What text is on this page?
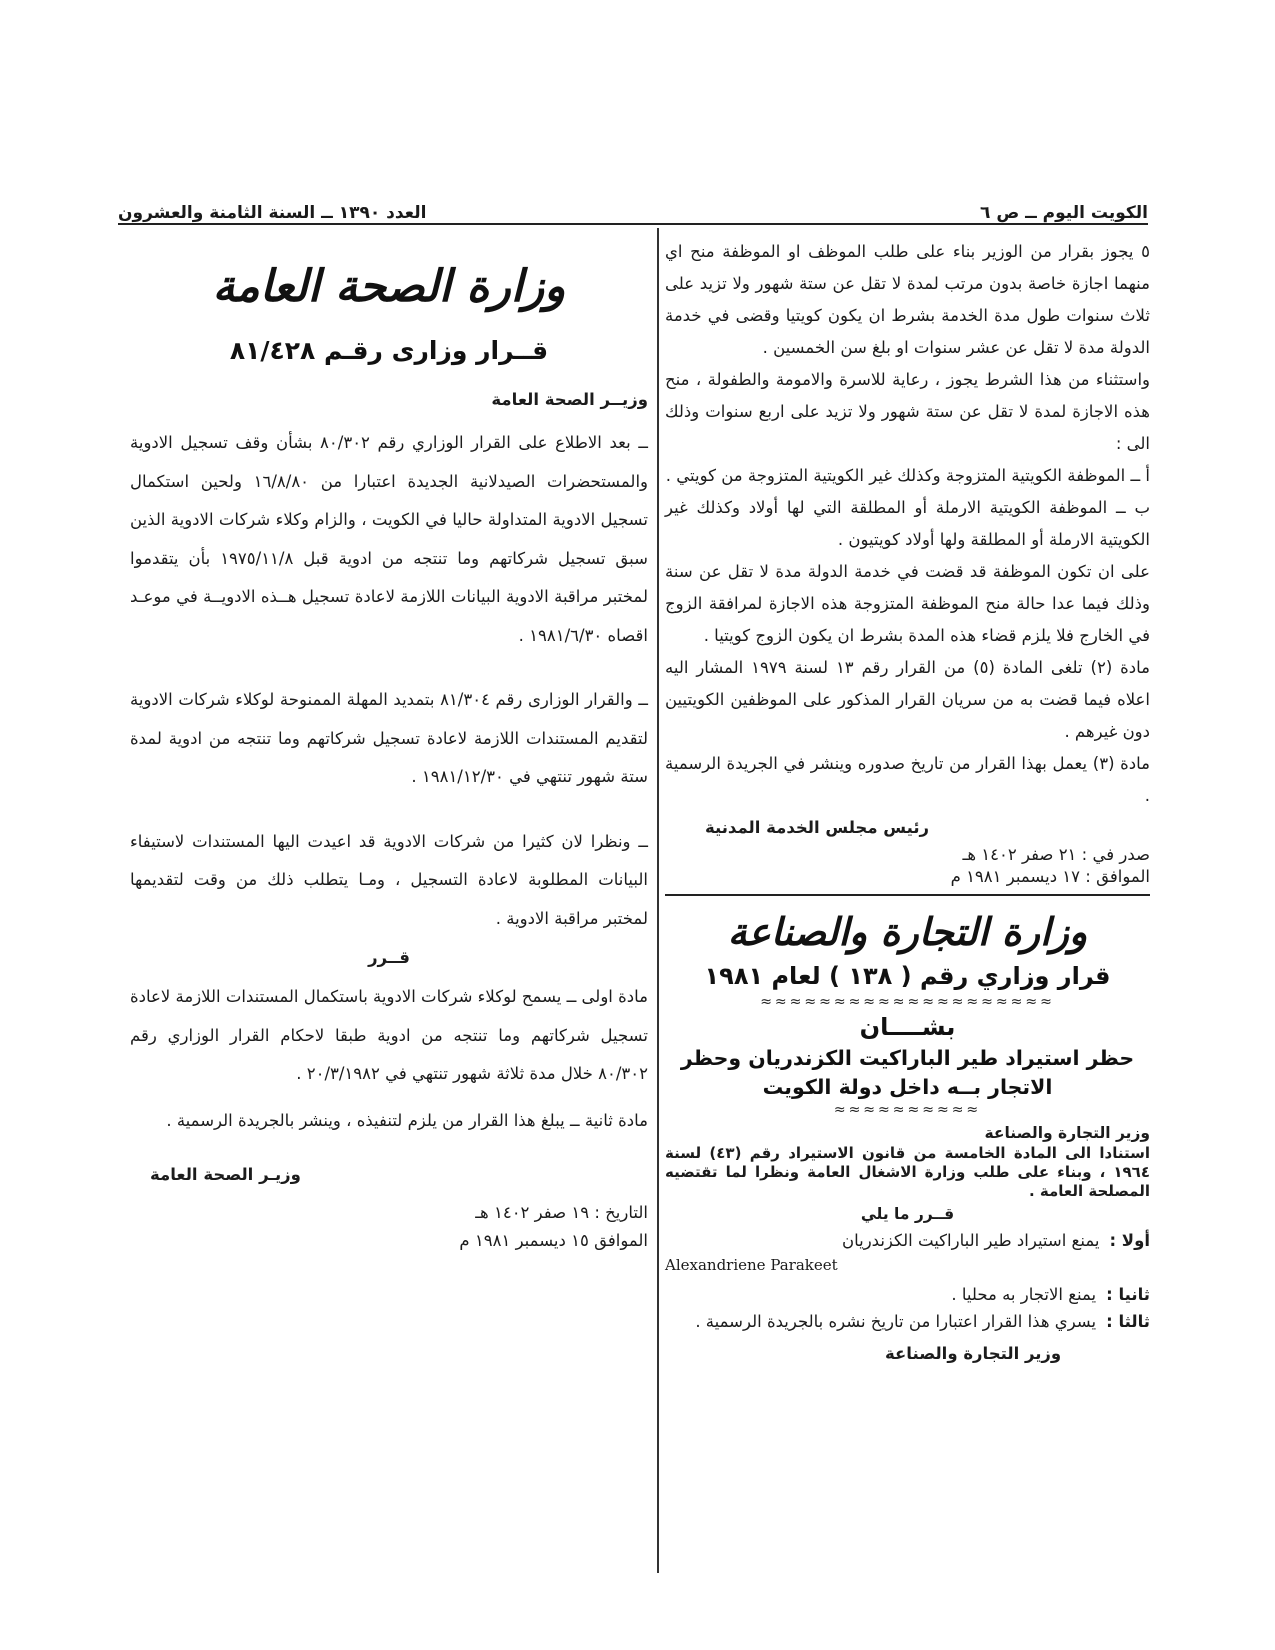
الكويت اليوم ــ ص ٦
العدد ١٣٩٠ ــ السنة الثامنة والعشرون

٥ يجوز بقرار من الوزير بناء على طلب الموظف او الموظفة منح اي منهما اجازة خاصة بدون مرتب لمدة لا تقل عن ستة شهور ولا تزيد على ثلاث سنوات طول مدة الخدمة بشرط ان يكون كويتيا وقضى في خدمة الدولة مدة لا تقل عن عشر سنوات او بلغ سن الخمسين .

واستثناء من هذا الشرط يجوز ، رعاية للاسرة والامومة والطفولة ، منح هذه الاجازة لمدة لا تقل عن ستة شهور ولا تزيد على اربع سنوات وذلك الى :

أ ــ الموظفة الكويتية المتزوجة وكذلك غير الكويتية المتزوجة من كويتي .

ب ــ الموظفة الكويتية الارملة أو المطلقة التي لها أولاد وكذلك غير الكويتية الارملة أو المطلقة ولها أولاد كويتيون .

على ان تكون الموظفة قد قضت في خدمة الدولة مدة لا تقل عن سنة وذلك فيما عدا حالة منح الموظفة المتزوجة هذه الاجازة لمرافقة الزوج في الخارج فلا يلزم قضاء هذه المدة بشرط ان يكون الزوج كويتيا .

مادة (٢) تلغى المادة (٥) من القرار رقم ١٣ لسنة ١٩٧٩ المشار اليه اعلاه فيما قضت به من سريان القرار المذكور على الموظفين الكويتيين دون غيرهم .

مادة (٣) يعمل بهذا القرار من تاريخ صدوره وينشر في الجريدة الرسمية .

رئيس مجلس الخدمة المدنية

صدر في : ٢١ صفر ١٤٠٢ هـ

الموافق : ١٧ ديسمبر ١٩٨١ م

وزارة التجارة والصناعة
قرار وزاري رقم ( ١٣٨ ) لعام ١٩٨١
≈≈≈≈≈≈≈≈≈≈≈≈≈≈≈≈≈≈≈≈
بشــــان
حظر استيراد طير الباراكيت الكزندريان وحظر الاتجار بــه داخل دولة الكويت
≈≈≈≈≈≈≈≈≈≈

وزير التجارة والصناعة

استنادا الى المادة الخامسة من قانون الاستيراد رقم (٤٣) لسنة ١٩٦٤ ، وبناء على طلب وزارة الاشغال العامة ونظرا لما تقتضيه المصلحة العامة .

قــرر ما يلي

أولا :
يمنع استيراد طير الباراكيت الكزندريان
Alexandriene Parakeet
ثانيا :
يمنع الاتجار به محليا .
ثالثا :
يسري هذا القرار اعتبارا من تاريخ نشره بالجريدة الرسمية .

وزير التجارة والصناعة

وزارة الصحة العامة
قــرار وزارى رقـم ٨١/٤٢٨

وزيــر الصحة العامة

ــ بعد الاطلاع على القرار الوزاري رقم ٨٠/٣٠٢ بشأن وقف تسجيل الادوية والمستحضرات الصيدلانية الجديدة اعتبارا من ١٦/٨/٨٠ ولحين استكمال تسجيل الادوية المتداولة حاليا في الكويت ، والزام وكلاء شركات الادوية الذين سبق تسجيل شركاتهم وما تنتجه من ادوية قبل ١٩٧٥/١١/٨ بأن يتقدموا لمختبر مراقبة الادوية البيانات اللازمة لاعادة تسجيل هــذه الادويــة في موعـد اقصاه ١٩٨١/٦/٣٠ .

ــ والقرار الوزارى رقم ٨١/٣٠٤ بتمديد المهلة الممنوحة لوكلاء شركات الادوية لتقديم المستندات اللازمة لاعادة تسجيل شركاتهم وما تنتجه من ادوية لمدة ستة شهور تنتهي في ١٩٨١/١٢/٣٠ .

ــ ونظرا لان كثيرا من شركات الادوية قد اعيدت اليها المستندات لاستيفاء البيانات المطلوبة لاعادة التسجيل ، ومـا يتطلب ذلك من وقت لتقديمها لمختبر مراقبة الادوية .

قــرر

مادة اولى ــ يسمح لوكلاء شركات الادوية باستكمال المستندات اللازمة لاعادة تسجيل شركاتهم وما تنتجه من ادوية طبقا لاحكام القرار الوزاري رقم ٨٠/٣٠٢ خلال مدة ثلاثة شهور تنتهي في ٢٠/٣/١٩٨٢ .

مادة ثانية ــ يبلغ هذا القرار من يلزم لتنفيذه ، وينشر بالجريدة الرسمية .

وزيـر الصحة العامة

التاريخ : ١٩ صفر ١٤٠٢ هـ

الموافق ١٥ ديسمبر ١٩٨١ م
